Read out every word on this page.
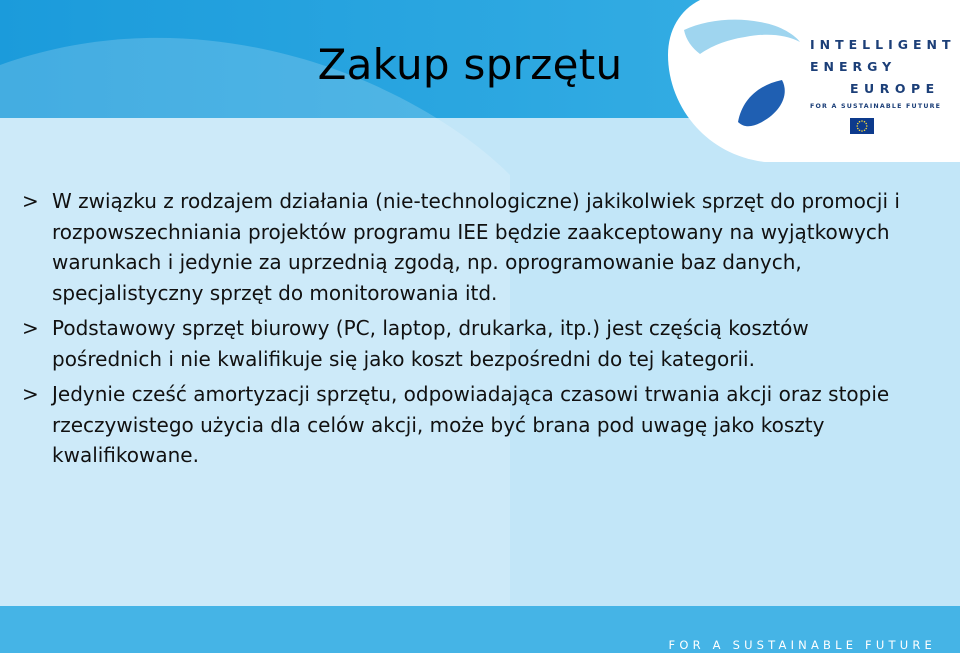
Zakup sprzętu	INTELLIGENT
ENERGY
EUROPE
FOR A SUSTAINABLE FUTURE
> W związku z rodzajem działania (nie-technologiczne) jakikolwiek sprzęt do promocji i rozpowszechniania projektów programu IEE będzie zaakceptowany na wyjątkowych warunkach i jedynie za uprzednią zgodą, np. oprogramowanie baz danych, specjalistyczny sprzęt do monitorowania itd.
> Podstawowy sprzęt biurowy (PC, laptop, drukarka, itp.) jest częścią kosztów pośrednich i nie kwalifikuje się jako koszt bezpośredni do tej kategorii.
> Jedynie cześć amortyzacji sprzętu, odpowiadająca czasowi trwania akcji oraz stopie rzeczywistego użycia dla celów akcji, może być brana pod uwagę jako koszty kwalifikowane.

FOR A SUSTAINABLE FUTURE
